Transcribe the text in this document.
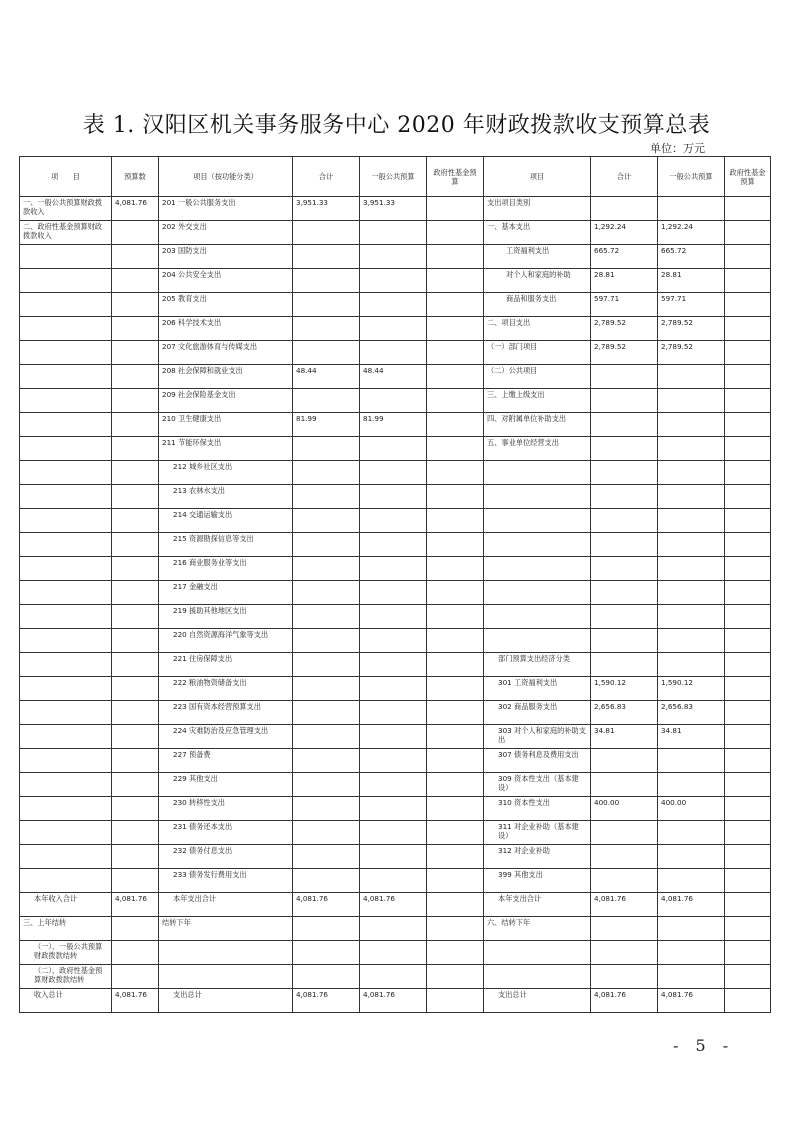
表 1. 汉阳区机关事务服务中心 2020 年财政拨款收支预算总表
单位：万元
项　　目	预算数	项目（按功能分类）	合计	一般公共预算	政府性基金预算	项目	合计	一般公共预算	政府性基金预算
一、一般公共预算财政拨款收入	4,081.76	201 一般公共服务支出	3,951.33	3,951.33		支出项目类别			
二、政府性基金预算财政拨款收入		202 外交支出				一、基本支出	1,292.24	1,292.24	
		203 国防支出				工资福利支出	665.72	665.72	
		204 公共安全支出				对个人和家庭的补助	28.81	28.81	
		205 教育支出				商品和服务支出	597.71	597.71	
		206 科学技术支出				二、项目支出	2,789.52	2,789.52	
		207 文化旅游体育与传媒支出				（一）部门项目	2,789.52	2,789.52	
		208 社会保障和就业支出	48.44	48.44		（二）公共项目			
		209 社会保险基金支出				三、上缴上级支出			
		210 卫生健康支出	81.99	81.99		四、对附属单位补助支出			
		211 节能环保支出				五、事业单位经营支出			
		212 城乡社区支出							
		213 农林水支出							
		214 交通运输支出							
		215 资源勘探信息等支出							
		216 商业服务业等支出							
		217 金融支出							
		219 援助其他地区支出							
		220 自然资源海洋气象等支出							
		221 住房保障支出				部门预算支出经济分类			
		222 粮油物资储备支出				301 工资福利支出	1,590.12	1,590.12	
		223 国有资本经营预算支出				302 商品服务支出	2,656.83	2,656.83	
		224 灾难防治及应急管理支出				303 对个人和家庭的补助支出	34.81	34.81	
		227 预备费				307 债务利息及费用支出			
		229 其他支出				309 资本性支出（基本建设）			
		230 转移性支出				310 资本性支出	400.00	400.00	
		231 债务还本支出				311 对企业补助（基本建设）			
		232 债务付息支出				312 对企业补助			
		233 债务发行费用支出				399 其他支出			
本年收入合计	4,081.76	本年支出合计	4,081.76	4,081.76		本年支出合计	4,081.76	4,081.76	
三、上年结转		结转下年				六、结转下年			
（一）、一般公共预算财政拨款结转									
（二）、政府性基金预算财政拨款结转									
收入总计	4,081.76	支出总计	4,081.76	4,081.76		支出总计	4,081.76	4,081.76	
- 5 -
